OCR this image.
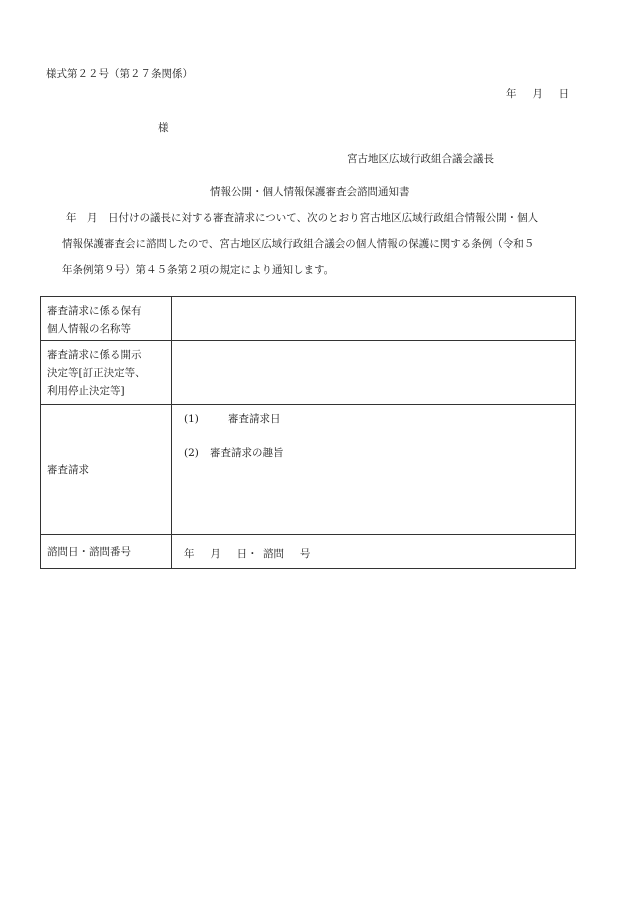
様式第２２号（第２７条関係）
年　 月　 日
様
宮古地区広域行政組合議会議長
情報公開・個人情報保護審査会諮問通知書
年　月　日付けの議長に対する審査請求について、次のとおり宮古地区広域行政組合情報公開・個人
情報保護審査会に諮問したので、宮古地区広域行政組合議会の個人情報の保護に関する条例（令和５
年条例第９号）第４５条第２項の規定により通知します。
審査請求に係る保有
個人情報の名称等	

審査請求に係る開示
決定等[訂正決定等、
利用停止決定等]	

審査請求	(1) 審査請求日
(2) 審査請求の趣旨

諮問日・諮問番号	年　 月　 日・ 諮問　 号
